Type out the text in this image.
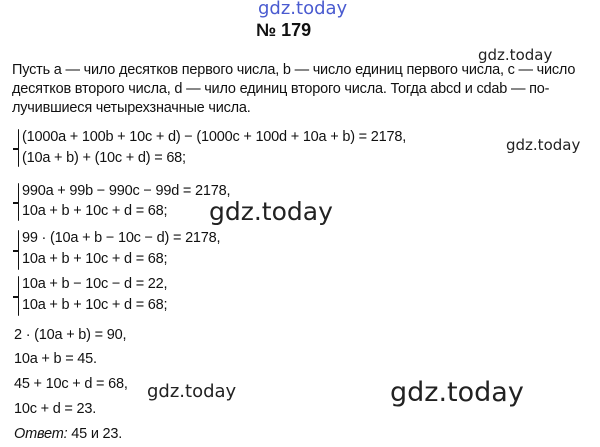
gdz.today
gdz.today
gdz.today
gdz.today
gdz.today	gdz.today
№ 179
Пусть a — чило десятков первого числа, b — число единиц первого числа, c — число
десятков второго числа, d — чило единиц второго числа. Тогда abcd и cdab — по-
лучившиеся четырехзначные числа.
(1000a + 100b + 10c + d) − (1000c + 100d + 10a + b) = 2178,
(10a + b) + (10c + d) = 68;
990a + 99b − 990c − 99d = 2178,
10a + b + 10c + d = 68;
99 · (10a + b − 10c − d) = 2178,
10a + b + 10c + d = 68;
10a + b − 10c − d = 22,
10a + b + 10c + d = 68;
2 · (10a + b) = 90,
10a + b = 45.
45 + 10c + d = 68,
10c + d = 23.
Ответ: 45 и 23.
